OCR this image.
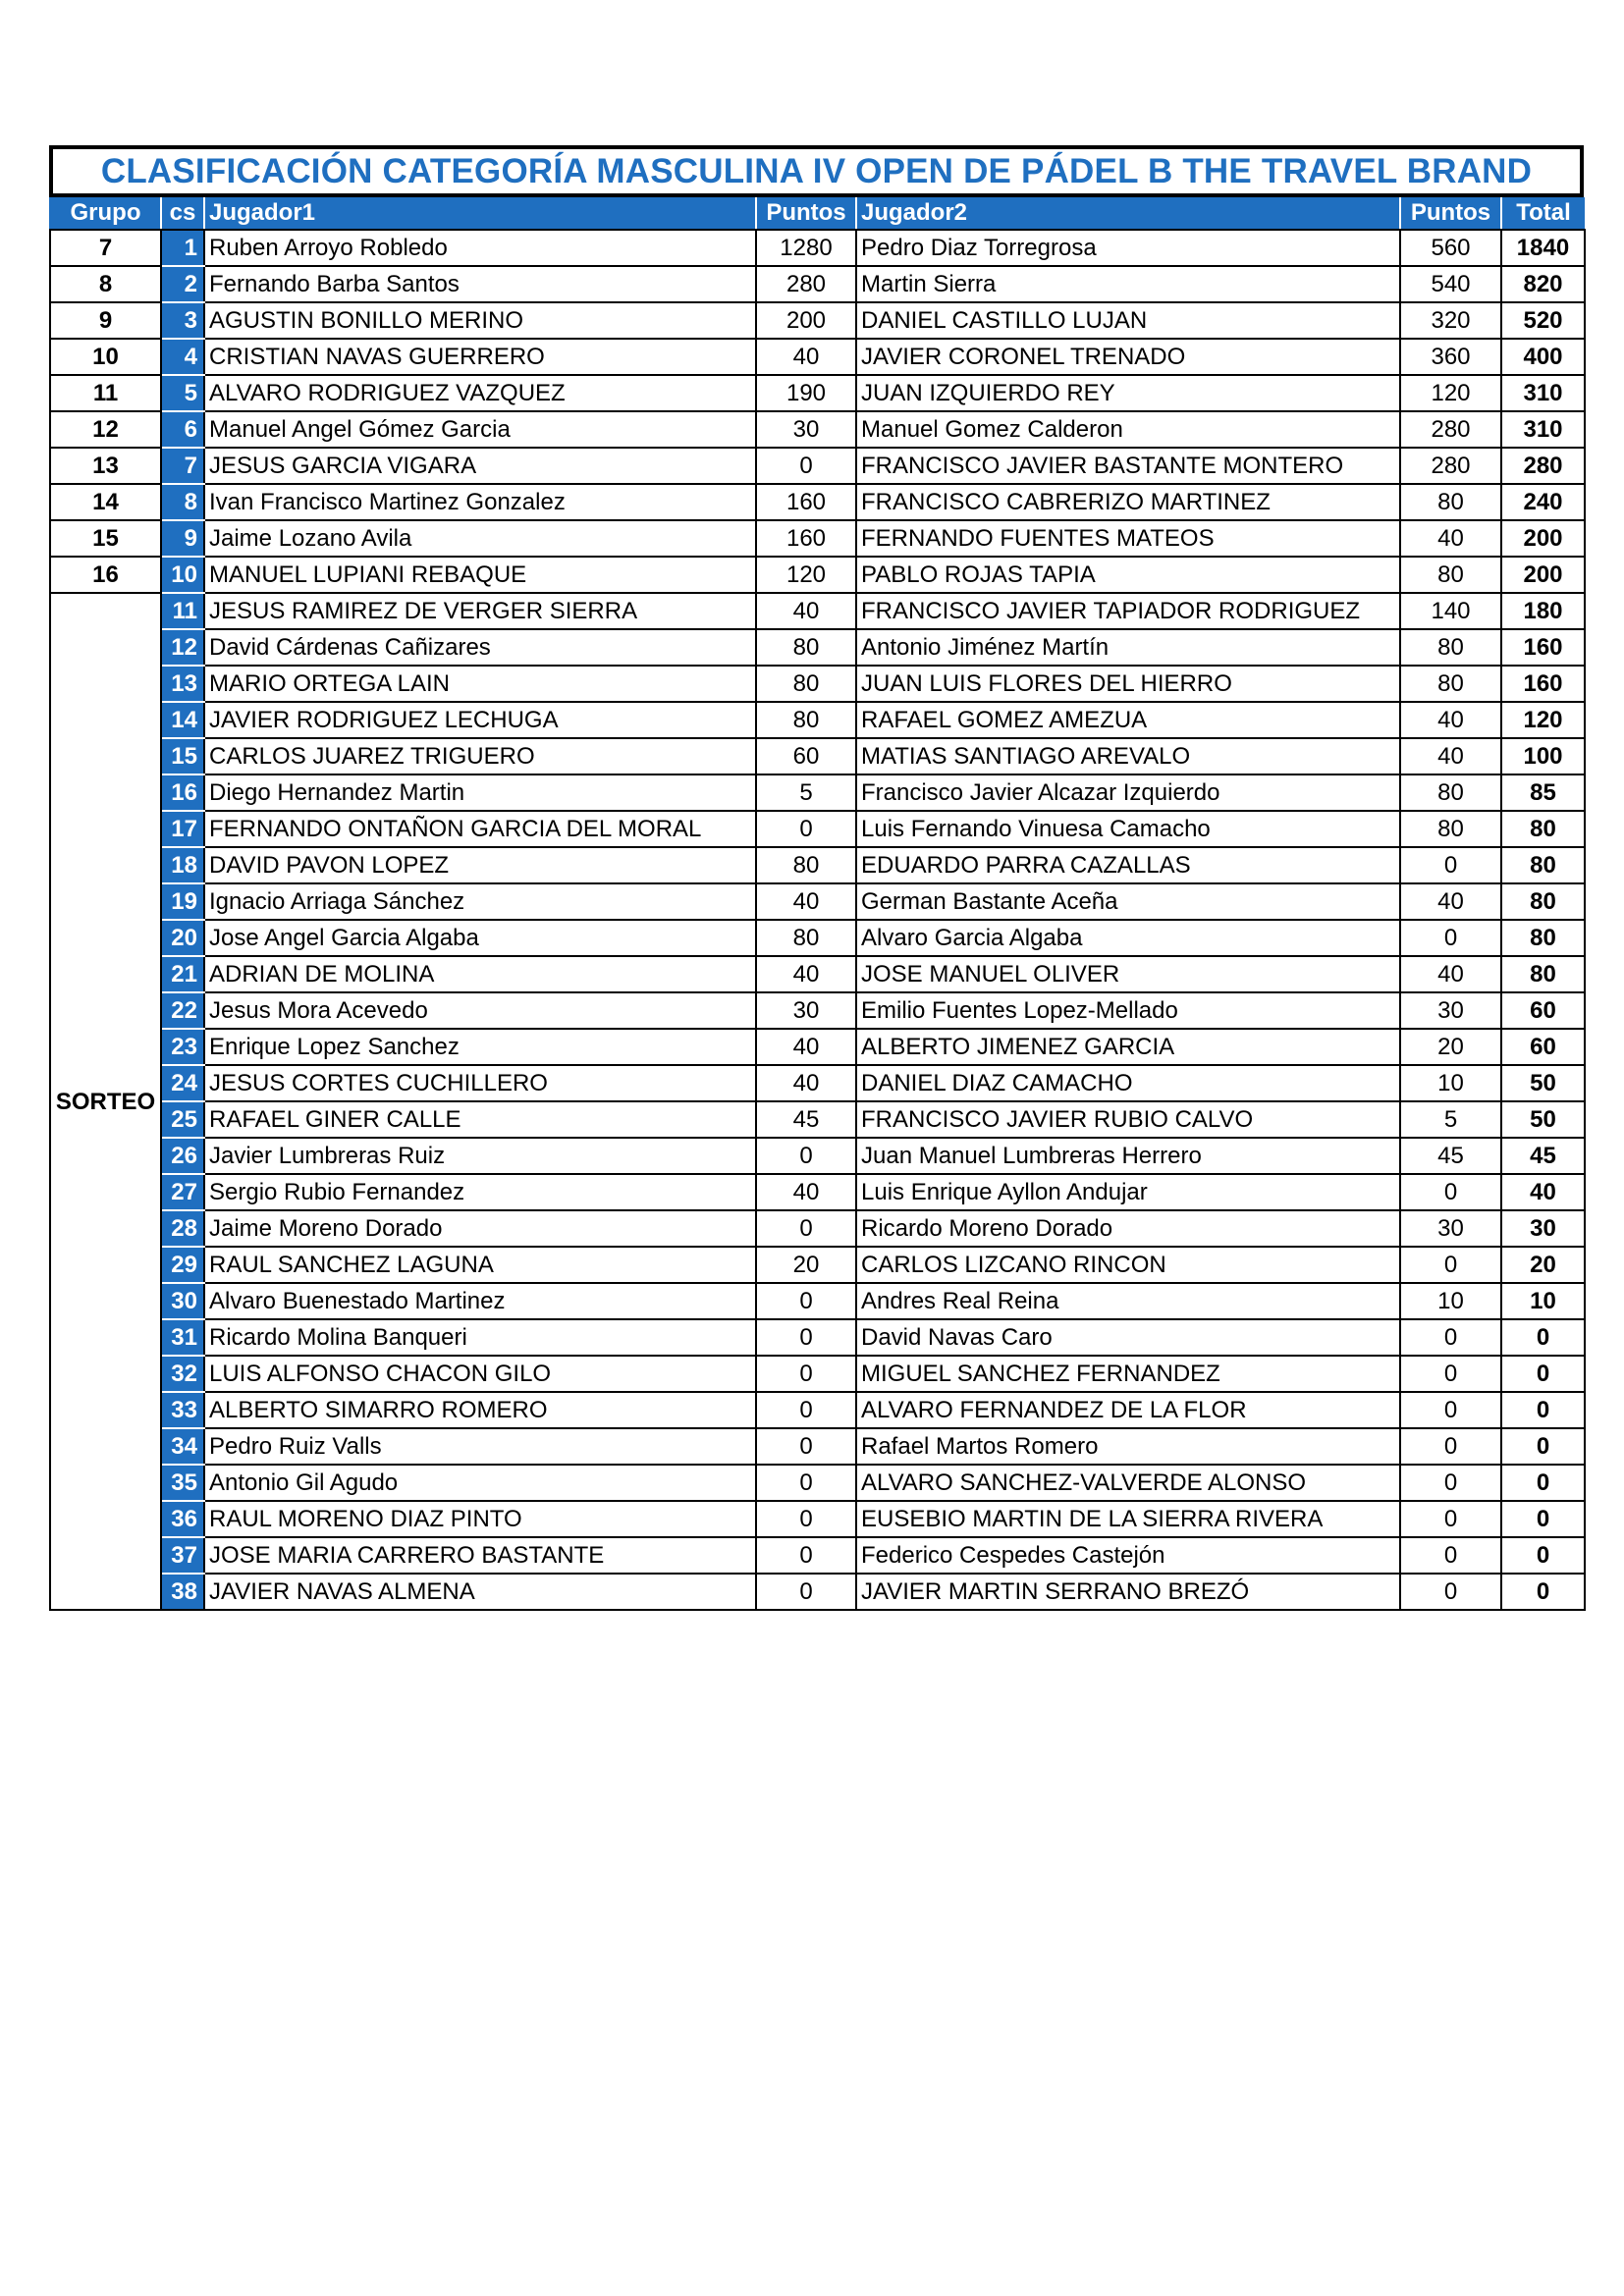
CLASIFICACIÓN CATEGORÍA MASCULINA IV OPEN DE PÁDEL B THE TRAVEL BRAND
Grupo	cs	Jugador1	Puntos	Jugador2	Puntos	Total
7	1	Ruben Arroyo Robledo	1280	Pedro Diaz Torregrosa	560	1840
8	2	Fernando Barba Santos	280	Martin Sierra	540	820
9	3	AGUSTIN BONILLO MERINO	200	DANIEL CASTILLO LUJAN	320	520
10	4	CRISTIAN NAVAS GUERRERO	40	JAVIER CORONEL TRENADO	360	400
11	5	ALVARO RODRIGUEZ VAZQUEZ	190	JUAN IZQUIERDO REY	120	310
12	6	Manuel Angel Gómez Garcia	30	Manuel Gomez Calderon	280	310
13	7	JESUS GARCIA VIGARA	0	FRANCISCO JAVIER BASTANTE MONTERO	280	280
14	8	Ivan Francisco Martinez Gonzalez	160	FRANCISCO CABRERIZO MARTINEZ	80	240
15	9	Jaime Lozano Avila	160	FERNANDO FUENTES MATEOS	40	200
16	10	MANUEL LUPIANI REBAQUE	120	PABLO ROJAS TAPIA	80	200
SORTEO	11	JESUS RAMIREZ DE VERGER SIERRA	40	FRANCISCO JAVIER TAPIADOR RODRIGUEZ	140	180
	12	David Cárdenas Cañizares	80	Antonio Jiménez Martín	80	160
	13	MARIO ORTEGA LAIN	80	JUAN LUIS FLORES DEL HIERRO	80	160
	14	JAVIER RODRIGUEZ LECHUGA	80	RAFAEL GOMEZ AMEZUA	40	120
	15	CARLOS JUAREZ TRIGUERO	60	MATIAS SANTIAGO AREVALO	40	100
	16	Diego Hernandez Martin	5	Francisco Javier Alcazar Izquierdo	80	85
	17	FERNANDO ONTAÑON GARCIA DEL MORAL	0	Luis Fernando Vinuesa Camacho	80	80
	18	DAVID PAVON LOPEZ	80	EDUARDO PARRA CAZALLAS	0	80
	19	Ignacio Arriaga Sánchez	40	German Bastante Aceña	40	80
	20	Jose Angel Garcia Algaba	80	Alvaro Garcia Algaba	0	80
	21	ADRIAN DE MOLINA	40	JOSE MANUEL OLIVER	40	80
	22	Jesus Mora Acevedo	30	Emilio Fuentes Lopez-Mellado	30	60
	23	Enrique Lopez Sanchez	40	ALBERTO JIMENEZ GARCIA	20	60
	24	JESUS CORTES CUCHILLERO	40	DANIEL DIAZ CAMACHO	10	50
	25	RAFAEL GINER CALLE	45	FRANCISCO JAVIER RUBIO CALVO	5	50
	26	Javier Lumbreras Ruiz	0	Juan Manuel Lumbreras Herrero	45	45
	27	Sergio Rubio Fernandez	40	Luis Enrique Ayllon Andujar	0	40
	28	Jaime Moreno Dorado	0	Ricardo Moreno Dorado	30	30
	29	RAUL SANCHEZ LAGUNA	20	CARLOS LIZCANO RINCON	0	20
	30	Alvaro Buenestado Martinez	0	Andres Real Reina	10	10
	31	Ricardo Molina Banqueri	0	David Navas Caro	0	0
	32	LUIS ALFONSO CHACON GILO	0	MIGUEL SANCHEZ FERNANDEZ	0	0
	33	ALBERTO SIMARRO ROMERO	0	ALVARO FERNANDEZ DE LA FLOR	0	0
	34	Pedro Ruiz Valls	0	Rafael Martos Romero	0	0
	35	Antonio Gil Agudo	0	ALVARO SANCHEZ-VALVERDE ALONSO	0	0
	36	RAUL MORENO DIAZ PINTO	0	EUSEBIO MARTIN DE LA SIERRA RIVERA	0	0
	37	JOSE MARIA CARRERO BASTANTE	0	Federico Cespedes Castejón	0	0
	38	JAVIER NAVAS ALMENA	0	JAVIER MARTIN SERRANO BREZÓ	0	0
